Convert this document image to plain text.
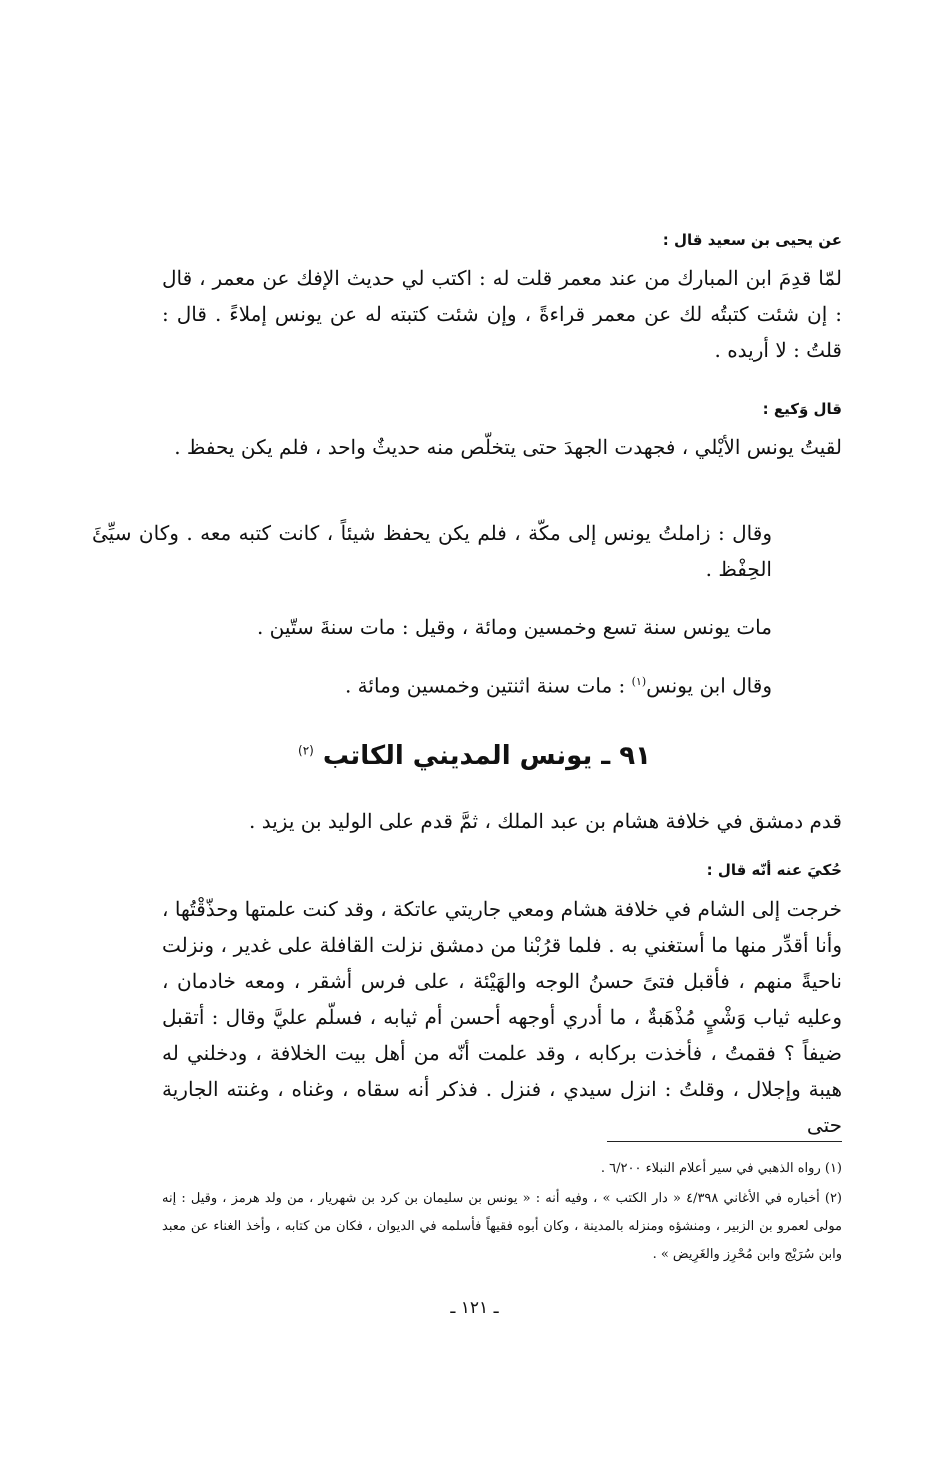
عن يحيى بن سعيد قال :

لمّا قدِمَ ابن المبارك من عند معمر قلت له : اكتب لي حديث الإفك عن معمر ، قال : إن شئت كتبتُه لك عن معمر قراءةً ، وإن شئت كتبته له عن يونس إملاءً . قال : قلتُ : لا أريده .

قال وَكيع :

لقيتُ يونس الأيْلي ، فجهدت الجهدَ حتى يتخلّص منه حديثٌ واحد ، فلم يكن يحفظ .

وقال : زاملتُ يونس إلى مكّة ، فلم يكن يحفظ شيئاً ، كانت كتبه معه . وكان سيِّئَ الحِفْظ .

مات يونس سنة تسع وخمسين ومائة ، وقيل : مات سنةَ ستّين .

وقال ابن يونس$^{(١)}$ : مات سنة اثنتين وخمسين ومائة .

٩١ ـ يونس المديني الكاتب $^{(٢)}$

قدم دمشق في خلافة هشام بن عبد الملك ، ثمَّ قدم على الوليد بن يزيد .

حُكيَ عنه أنّه قال :

خرجت إلى الشام في خلافة هشام ومعي جاريتي عاتكة ، وقد كنت علمتها وحذّقْتُها ، وأنا أقدِّر منها ما أستغني به . فلما قرُبْنا من دمشق نزلت القافلة على غدير ، ونزلت ناحيةً منهم ، فأقبل فتىً حسنُ الوجه والهَيْئة ، على فرس أشقر ، ومعه خادمان ، وعليه ثياب وَشْيٍ مُذْهَبةٌ ، ما أدري أوجهه أحسن أم ثيابه ، فسلّم عليَّ وقال : أتقبل ضيفاً ؟ فقمتُ ، فأخذت بركابه ، وقد علمت أنّه من أهل بيت الخلافة ، ودخلني له هيبة وإجلال ، وقلتُ : انزل سيدي ، فنزل . فذكر أنه سقاه ، وغناه ، وغنته الجارية حتى

(١) رواه الذهبي في سير أعلام النبلاء ٦/٢٠٠ .

(٢) أخباره في الأغاني ٤/٣٩٨ « دار الكتب » ، وفيه أنه : « يونس بن سليمان بن كرد بن شهريار ، من ولد هرمز ، وقيل : إنه مولى لعمرو بن الزبير ، ومنشؤه ومنزله بالمدينة ، وكان أبوه فقيهاً فأسلمه في الديوان ، فكان من كتابه ، وأخذ الغناء عن معبد وابن سُرَيْج وابن مُحْرِز والغَرِيض » .

ـ ١٢١ ـ
